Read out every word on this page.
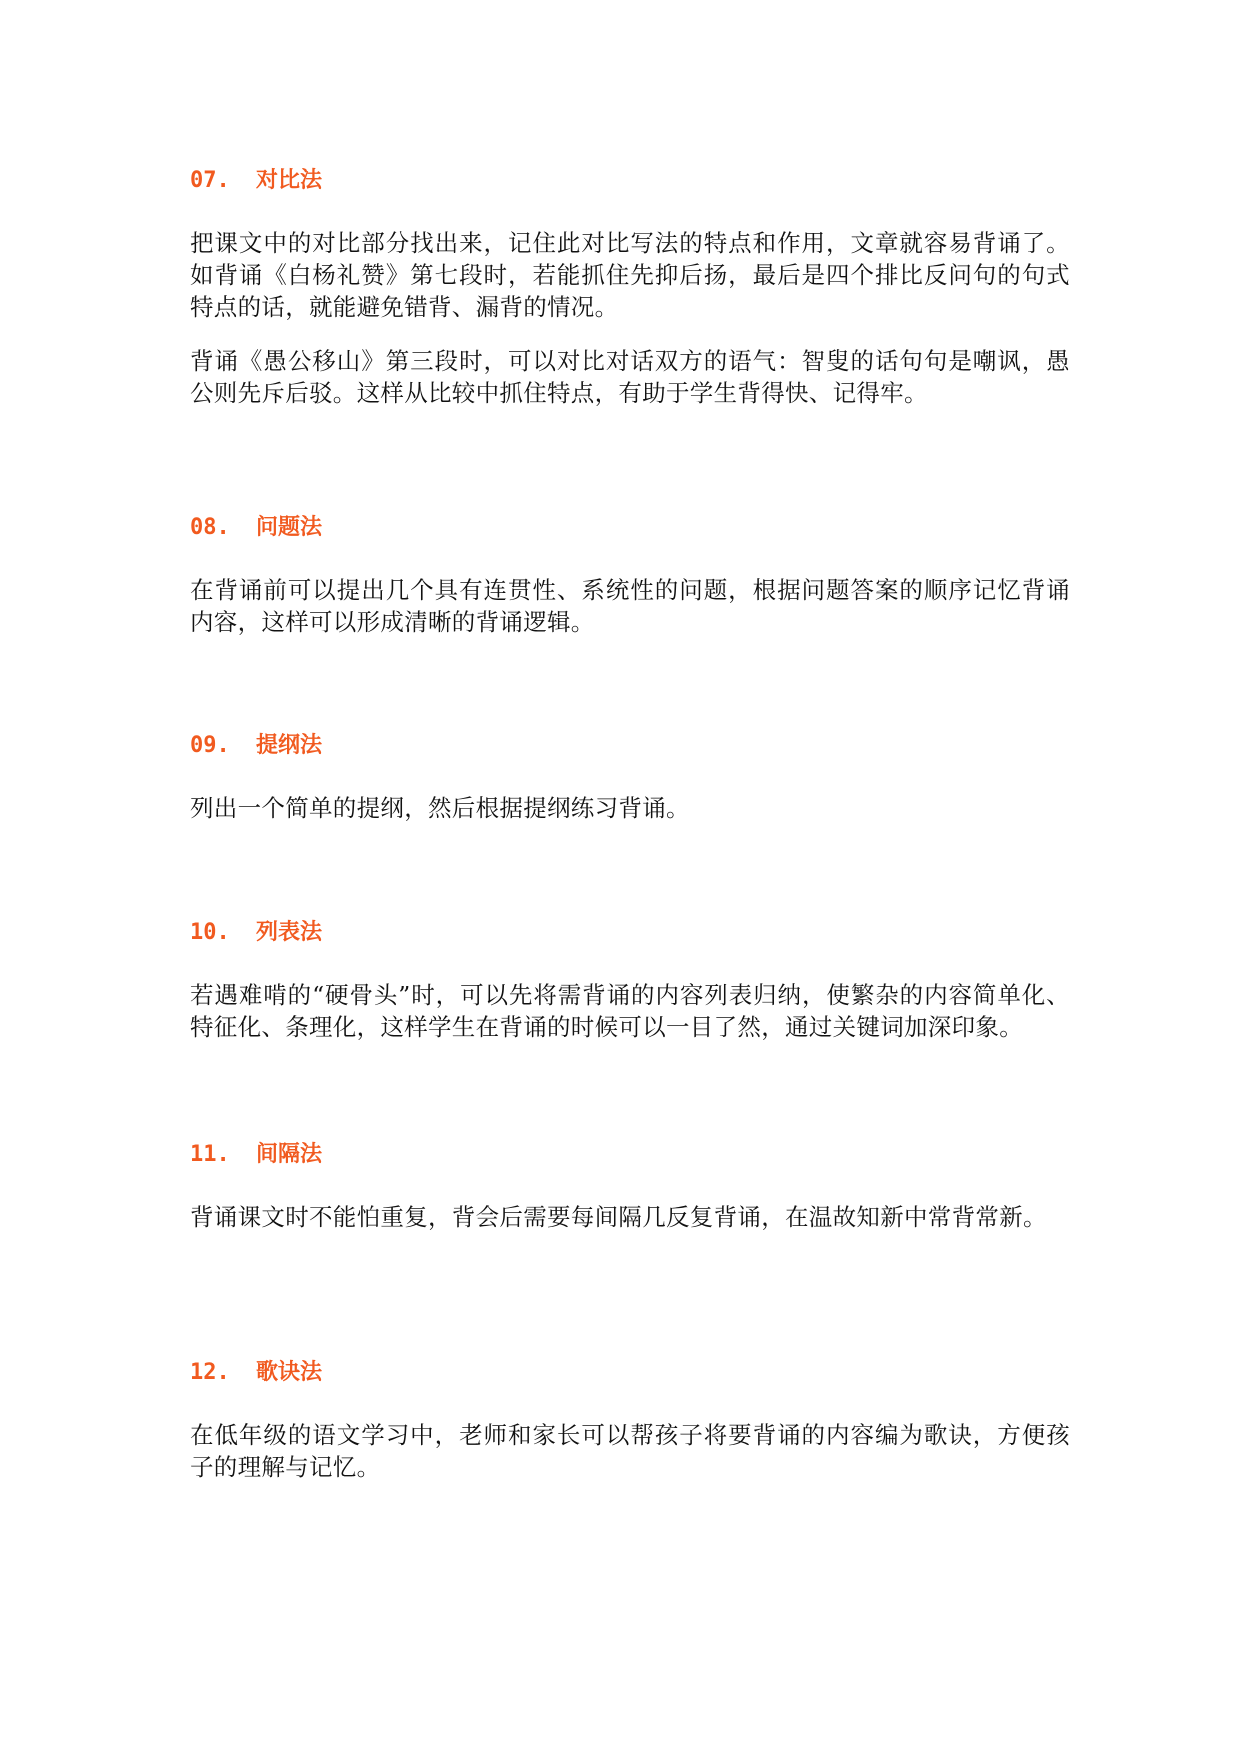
07.	对比法

把课文中的对比部分找出来，记住此对比写法的特点和作用，文章就容易背诵了。如背诵《白杨礼赞》第七段时，若能抓住先抑后扬，最后是四个排比反问句的句式特点的话，就能避免错背、漏背的情况。

背诵《愚公移山》第三段时，可以对比对话双方的语气：智叟的话句句是嘲讽，愚公则先斥后驳。这样从比较中抓住特点，有助于学生背得快、记得牢。

08.	问题法

在背诵前可以提出几个具有连贯性、系统性的问题，根据问题答案的顺序记忆背诵内容，这样可以形成清晰的背诵逻辑。

09.	提纲法

列出一个简单的提纲，然后根据提纲练习背诵。

10.	列表法

若遇难啃的“硬骨头”时，可以先将需背诵的内容列表归纳，使繁杂的内容简单化、特征化、条理化，这样学生在背诵的时候可以一目了然，通过关键词加深印象。

11.	间隔法

背诵课文时不能怕重复，背会后需要每间隔几反复背诵，在温故知新中常背常新。

12.	歌诀法

在低年级的语文学习中，老师和家长可以帮孩子将要背诵的内容编为歌诀，方便孩子的理解与记忆。
